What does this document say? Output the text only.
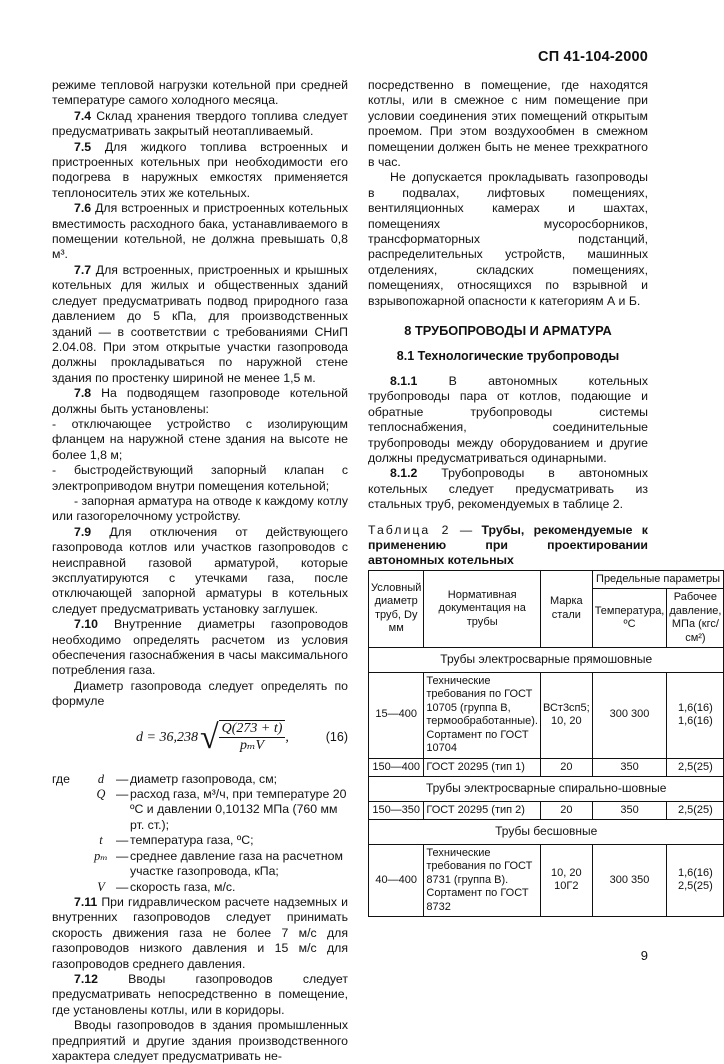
СП 41-104-2000

режиме тепловой нагрузки котельной при средней температуре самого холодного месяца.

7.4 Склад хранения твердого топлива следует предусматривать закрытый неотапливаемый.

7.5 Для жидкого топлива встроенных и пристроенных котельных при необходимости его подогрева в наружных емкостях применяется теплоноситель этих же котельных.

7.6 Для встроенных и пристроенных котельных вместимость расходного бака, устанавливаемого в помещении котельной, не должна превышать 0,8 м³.

7.7 Для встроенных, пристроенных и крышных котельных для жилых и общественных зданий следует предусматривать подвод природного газа давлением до 5 кПа, для производственных зданий — в соответствии с требованиями СНиП 2.04.08. При этом открытые участки газопровода должны прокладываться по наружной стене здания по простенку шириной не менее 1,5 м.

7.8 На подводящем газопроводе котельной должны быть установлены:

- отключающее устройство с изолирующим фланцем на наружной стене здания на высоте не более 1,8 м;

- быстродействующий запорный клапан с электроприводом внутри помещения котельной;

- запорная арматура на отводе к каждому котлу или газогорелочному устройству.

7.9 Для отключения от действующего газопровода котлов или участков газопроводов с неисправной газовой арматурой, которые эксплуатируются с утечками газа, после отключающей запорной арматуры в котельных следует предусматривать установку заглушек.

7.10 Внутренние диаметры газопроводов необходимо определять расчетом из условия обеспечения газоснабжения в часы максимального потребления газа.

Диаметр газопровода следует определять по формуле

d = 36,238 √ $\frac{Q(273 + t)}{\text{pₘV}}$ ,	(16)
где	d — диаметр газопровода, см;
Q — расход газа, м³/ч, при температуре 20 ºС и давлении 0,10132 МПа (760 мм рт. ст.);
t	— температура газа, ºС;
pₘ — среднее давление газа на расчетном участке газопровода, кПа;
V — скорость газа, м/с.

7.11 При гидравлическом расчете надземных и внутренних газопроводов следует принимать скорость движения газа не более 7 м/с для газопроводов низкого давления и 15 м/с для газопроводов среднего давления.

7.12 Вводы газопроводов следует предусматривать непосредственно в помещение, где установлены котлы, или в коридоры.

Вводы газопроводов в здания промышленных предприятий и другие здания производственного характера следует предусматривать не-

посредственно в помещение, где находятся котлы, или в смежное с ним помещение при условии соединения этих помещений открытым проемом. При этом воздухообмен в смежном помещении должен быть не менее трехкратного в час.

Не допускается прокладывать газопроводы в подвалах, лифтовых помещениях, вентиляционных камерах и шахтах, помещениях мусоросборников, трансформаторных подстанций, распределительных устройств, машинных отделениях, складских помещениях, помещениях, относящихся по взрывной и взрывопожарной опасности к категориям А и Б.

8 ТРУБОПРОВОДЫ И АРМАТУРА
8.1 Технологические трубопроводы

8.1.1 В автономных котельных трубопроводы пара от котлов, подающие и обратные трубопроводы системы теплоснабжения, соединительные трубопроводы между оборудованием и другие должны предусматриваться одинарными.

8.1.2 Трубопроводы в автономных котельных следует предусматривать из стальных труб, рекомендуемых в таблице 2.

Таблица 2 — Трубы, рекомендуемые к применению при проектировании автономных котельных

Условный диаметр труб, Dу мм	Нормативная документация на трубы	Марка стали	Предельные параметры	
			Температура, ºС	Рабочее давление, МПа (кгс/см²)
Трубы электросварные прямошовные				
15—400	Технические требования по ГОСТ 10705 (группа В, термообработанные). Сортамент по ГОСТ 10704	ВСт3сп5; 10, 20	300 300	1,6(16) 1,6(16)
150—400	ГОСТ 20295 (тип 1)	20	350	2,5(25)
Трубы электросварные спирально-шовные				
150—350	ГОСТ 20295 (тип 2)	20	350	2,5(25)
Трубы бесшовные				
40—400	Технические требования по ГОСТ 8731 (группа В). Сортамент по ГОСТ 8732	10, 20 10Г2	300 350	1,6(16) 2,5(25)
9
